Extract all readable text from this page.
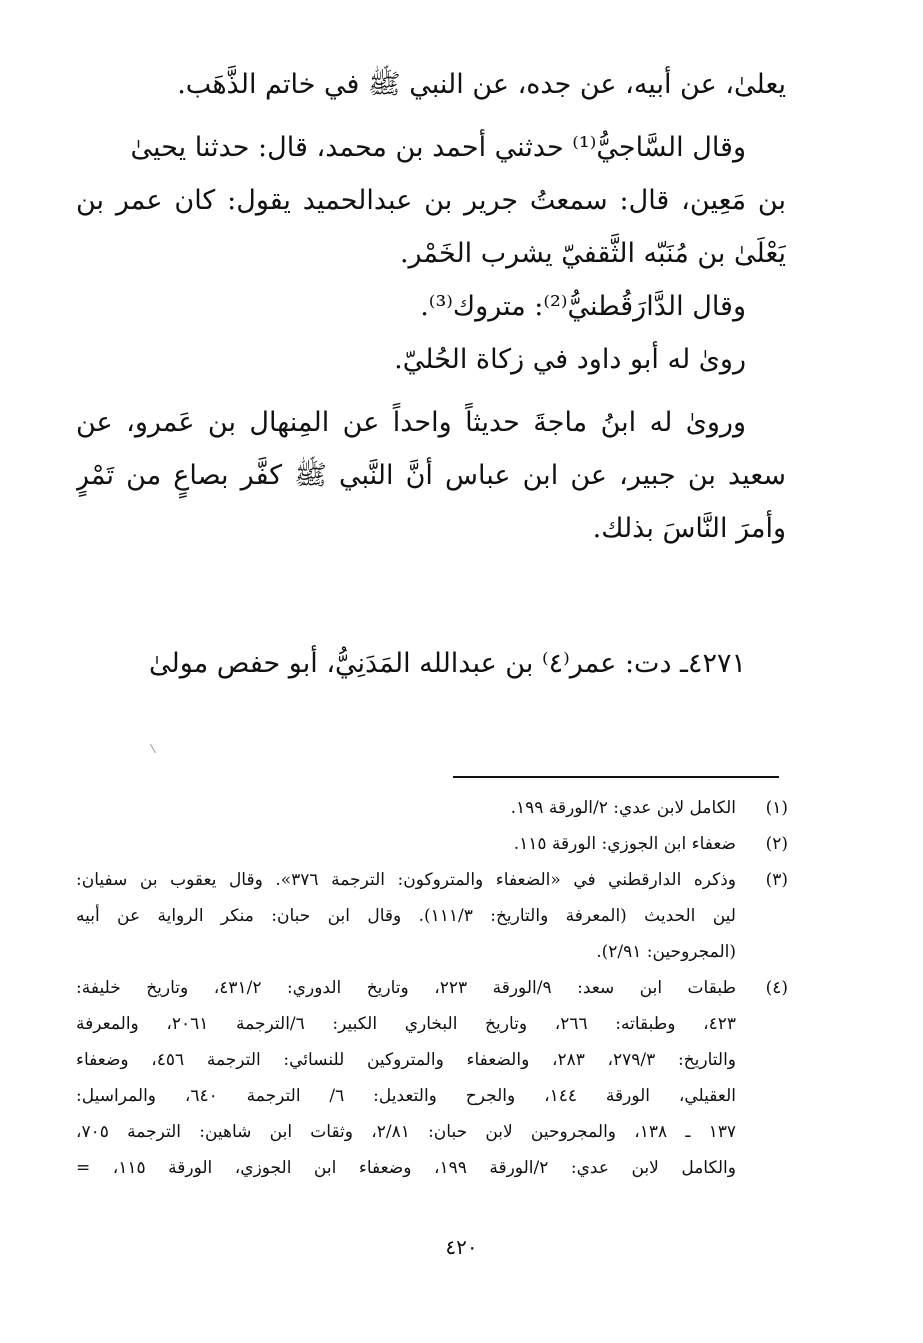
يعلىٰ، عن أبيه، عن جده، عن النبي ﷺ في خاتم الذَّهَب.
وقال السَّاجيُّ⁽¹⁾ حدثني أحمد بن محمد، قال: حدثنا يحيىٰ
بن مَعِين، قال: سمعتُ جرير بن عبدالحميد يقول: كان عمر بن
يَعْلَىٰ بن مُنَبّه الثَّقفيّ يشرب الخَمْر.
وقال الدَّارَقُطنيُّ⁽²⁾: متروك⁽³⁾.
روىٰ له أبو داود في زكاة الحُليّ.
وروىٰ له ابنُ ماجةَ حديثاً واحداً عن المِنهال بن عَمرو، عن
سعيد بن جبير، عن ابن عباس أنَّ النَّبي ﷺ كفَّر بصاعٍ من تَمْرٍ
وأمرَ النَّاسَ بذلك.
٤٢٧١ـ دت: عمر⁽٤⁾ بن عبدالله المَدَنِيُّ، أبو حفص مولىٰ
(١)
الكامل لابن عدي: ٢/الورقة ١٩٩.
(٢)
ضعفاء ابن الجوزي: الورقة ١١٥.
(٣)
وذكره الدارقطني في «الضعفاء والمتروكون: الترجمة ٣٧٦». وقال يعقوب بن سفيان:
لين الحديث (المعرفة والتاريخ: ١١١/٣). وقال ابن حبان: منكر الرواية عن أبيه
(المجروحين: ٢/٩١).
(٤)
طبقات ابن سعد: ٩/الورقة ٢٢٣، وتاريخ الدوري: ٤٣١/٢، وتاريخ خليفة:
٤٢٣، وطبقاته: ٢٦٦، وتاريخ البخاري الكبير: ٦/الترجمة ٢٠٦١، والمعرفة
والتاريخ: ٢٧٩/٣، ٢٨٣، والضعفاء والمتروكين للنسائي: الترجمة ٤٥٦، وضعفاء
العقيلي، الورقة ١٤٤، والجرح والتعديل: ٦/ الترجمة ٦٤٠، والمراسيل:
١٣٧ ـ ١٣٨، والمجروحين لابن حبان: ٢/٨١، وثقات ابن شاهين: الترجمة ٧٠٥،
والكامل لابن عدي: ٢/الورقة ١٩٩، وضعفاء ابن الجوزي، الورقة ١١٥، =
٤٢٠
